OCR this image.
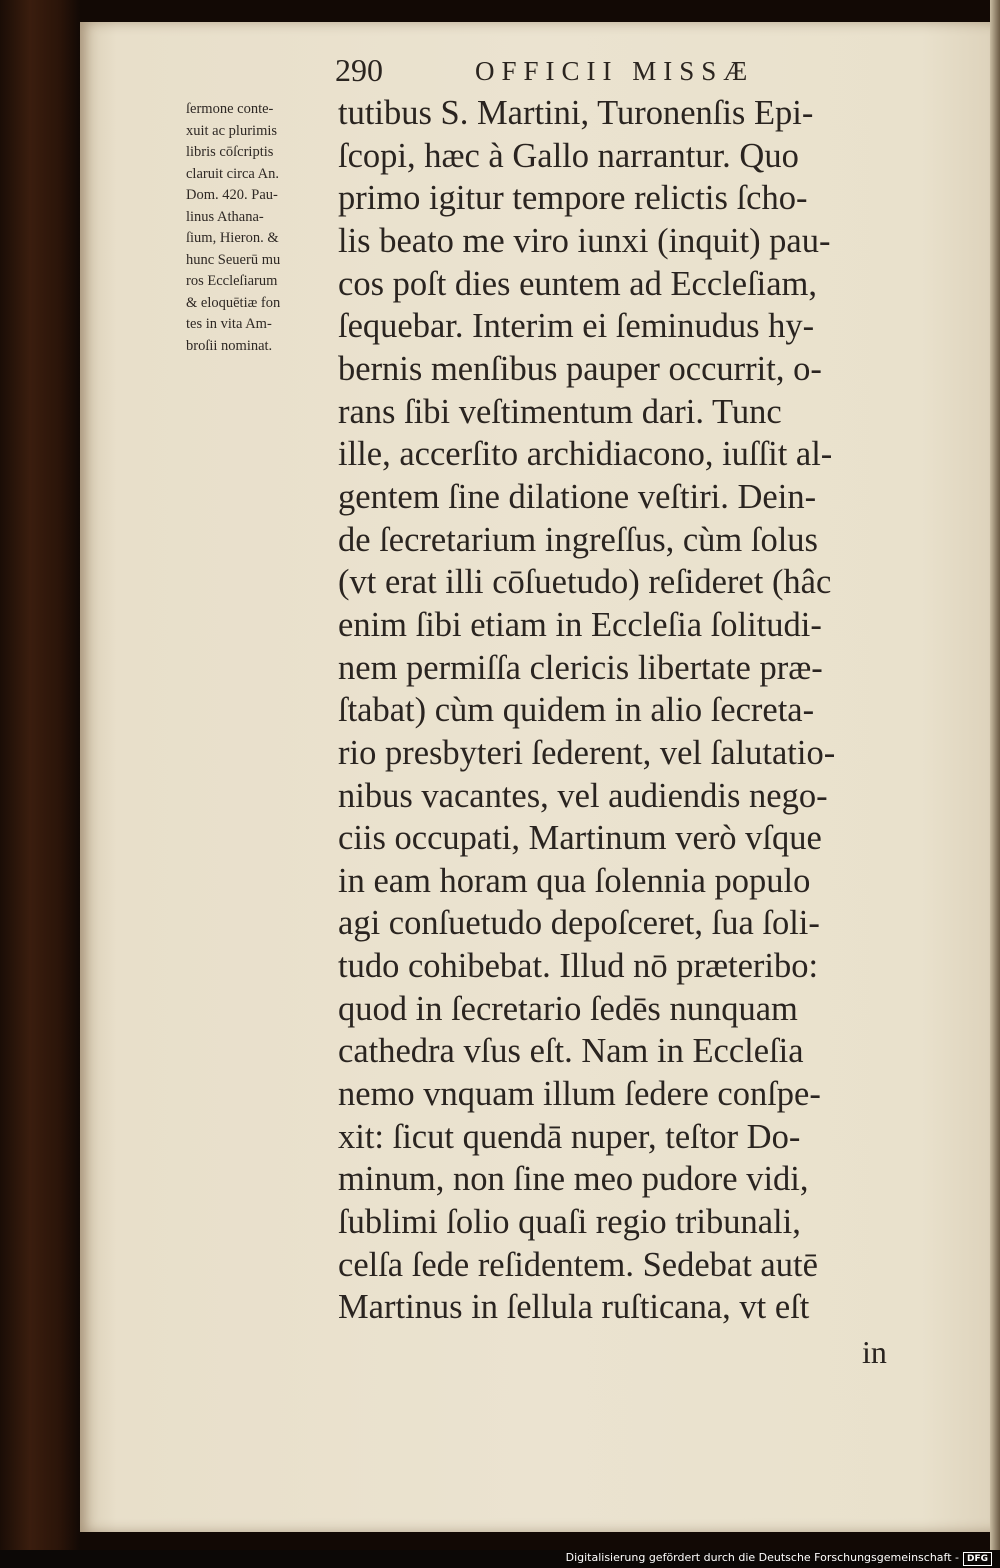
290	OFFICII MISSÆ
ſermone conte-
xuit ac plurimis
libris cōſcriptis
claruit circa An.
Dom. 420. Pau-
linus Athana-
ſium, Hieron. &
hunc Seuerū mu
ros Eccleſiarum
& eloquētiæ fon
tes in vita Am-
broſii nominat.
tutibus S. Martini, Turonenſis Epi-
ſcopi, hæc à Gallo narrantur. Quo
primo igitur tempore relictis ſcho-
lis beato me viro iunxi (inquit) pau-
cos poſt dies euntem ad Eccleſiam,
ſequebar. Interim ei ſeminudus hy-
bernis menſibus pauper occurrit, o-
rans ſibi veſtimentum dari. Tunc
ille, accerſito archidiacono, iuſſit al-
gentem ſine dilatione veſtiri. Dein-
de ſecretarium ingreſſus, cùm ſolus
(vt erat illi cōſuetudo) reſideret (hâc
enim ſibi etiam in Eccleſia ſolitudi-
nem permiſſa clericis libertate præ-
ſtabat) cùm quidem in alio ſecreta-
rio presbyteri ſederent, vel ſalutatio-
nibus vacantes, vel audiendis nego-
ciis occupati, Martinum verò vſque
in eam horam qua ſolennia populo
agi conſuetudo depoſceret, ſua ſoli-
tudo cohibebat. Illud nō præteribo:
quod in ſecretario ſedēs nunquam
cathedra vſus eſt. Nam in Eccleſia
nemo vnquam illum ſedere conſpe-
xit: ſicut quendā nuper, teſtor Do-
minum, non ſine meo pudore vidi,
ſublimi ſolio quaſi regio tribunali,
celſa ſede reſidentem. Sedebat autē
Martinus in ſellula ruſticana, vt eſt
in
Digitalisierung gefördert durch die Deutsche Forschungsgemeinschaft - DFG
